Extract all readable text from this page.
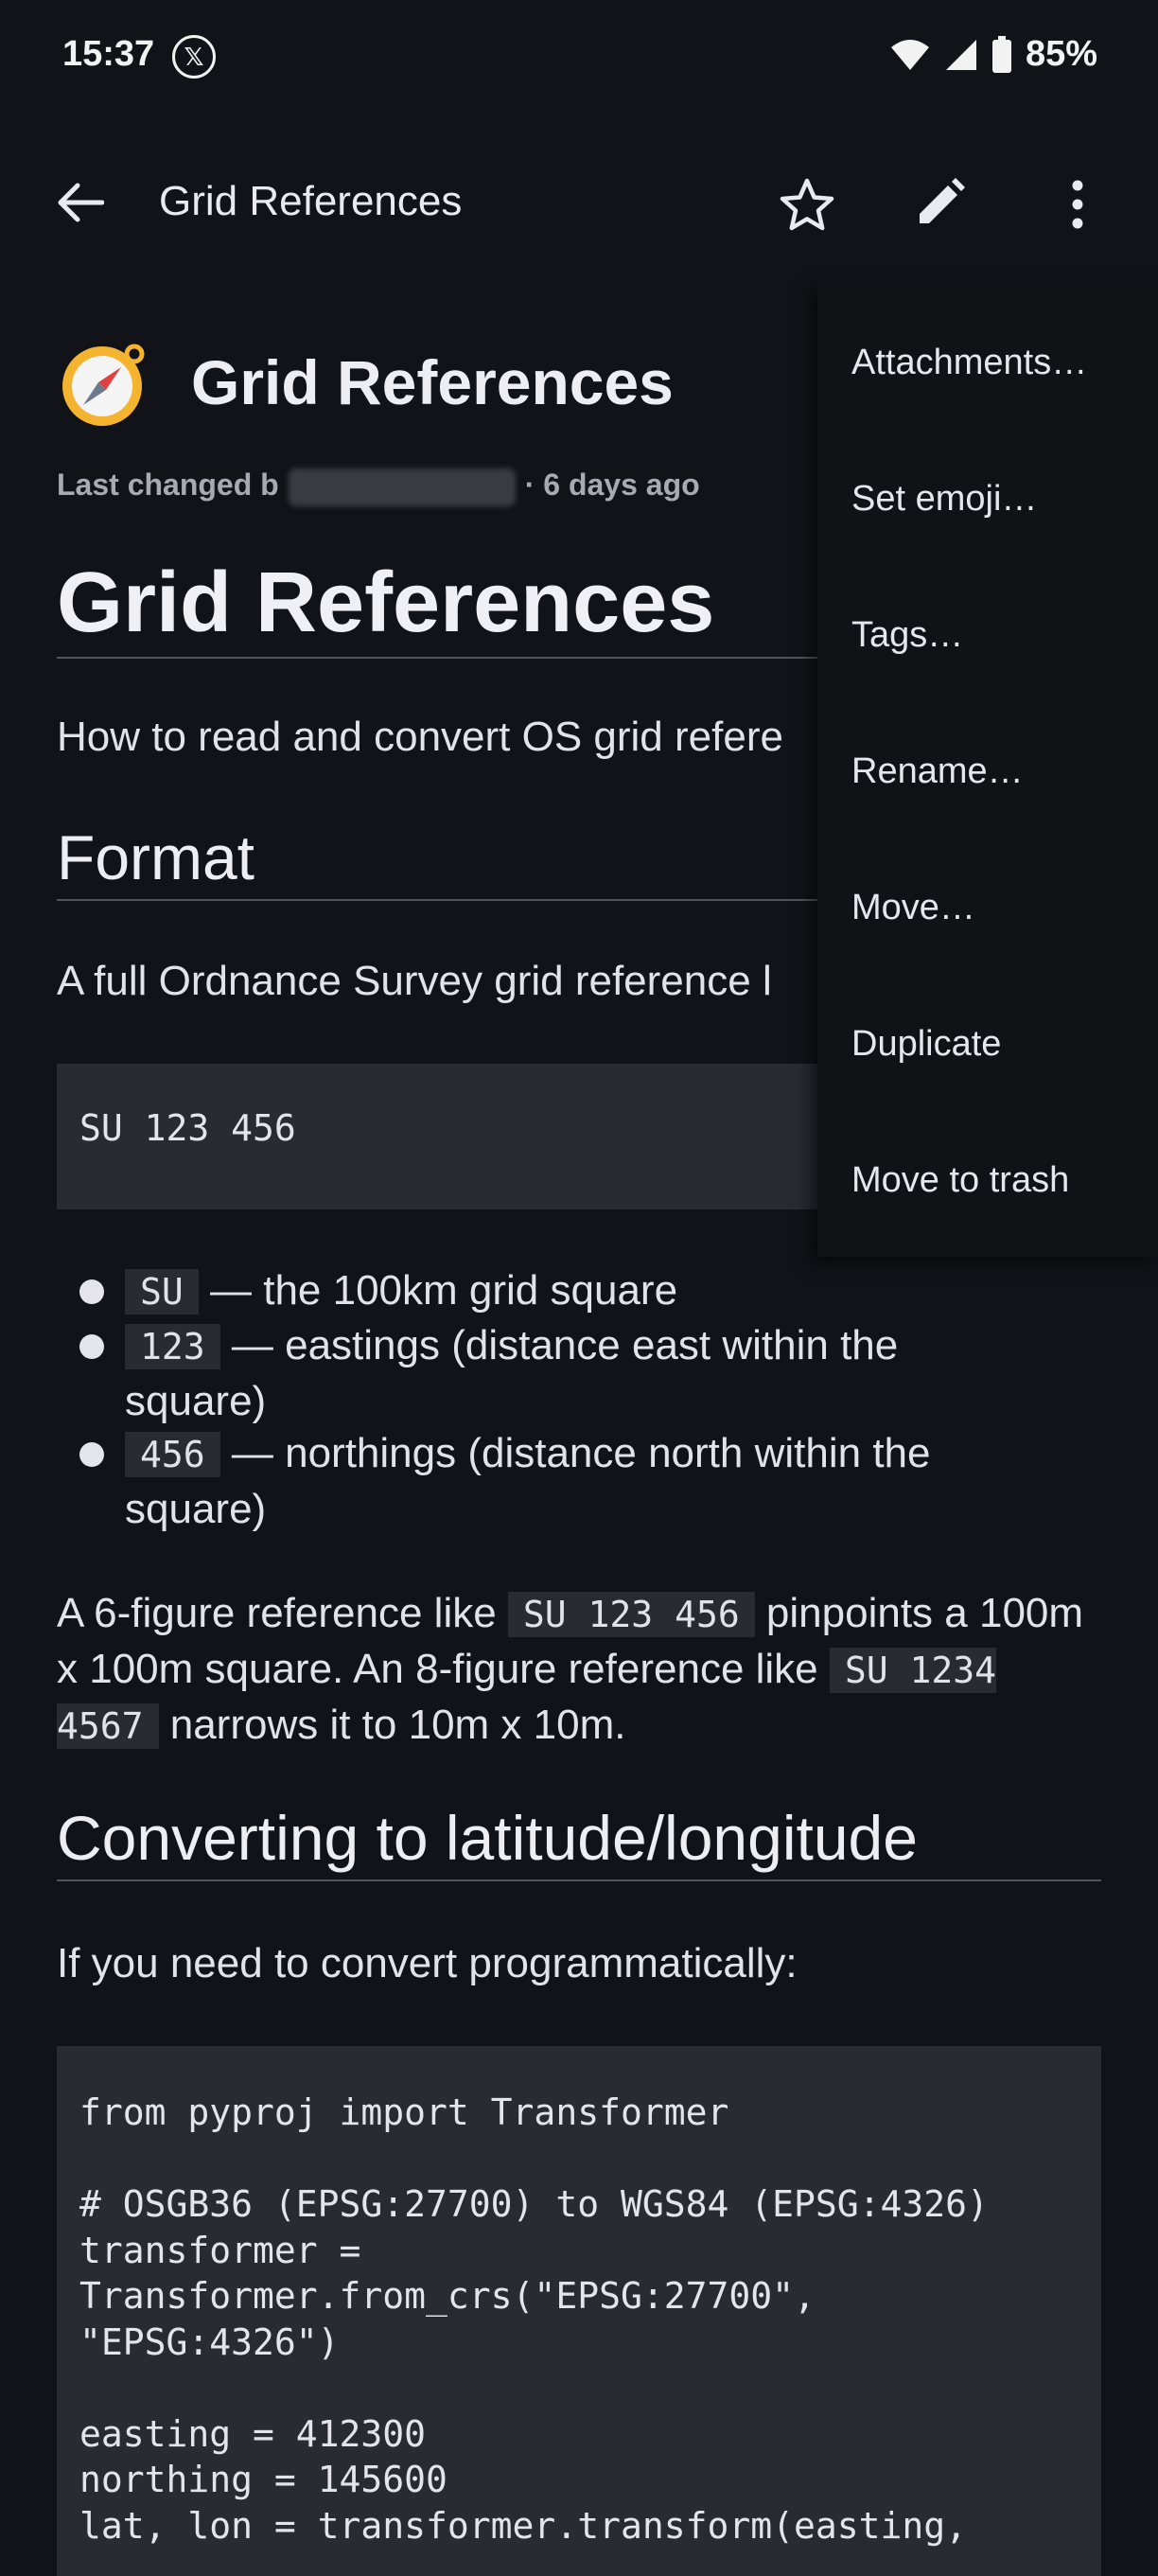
15:37	𝕏	85%
Grid References
Grid References
Last changed b	· 6 days ago
Grid References
How to read and convert OS grid refere
Format
A full Ordnance Survey grid reference l
SU 123 456
SU — the 100km grid square
123 — eastings (distance east within the
square)
456 — northings (distance north within the
square)
A 6-figure reference like SU 123 456 pinpoints a 100m x 100m square. An 8-figure reference like SU 1234 4567 narrows it to 10m x 10m.
Converting to latitude/longitude
If you need to convert programmatically:
from pyproj import Transformer

# OSGB36 (EPSG:27700) to WGS84 (EPSG:4326)
transformer =
Transformer.from_crs("EPSG:27700",
"EPSG:4326")

easting = 412300
northing = 145600
lat, lon = transformer.transform(easting,
Attachments…
Set emoji…
Tags…
Rename…
Move…
Duplicate
Move to trash
